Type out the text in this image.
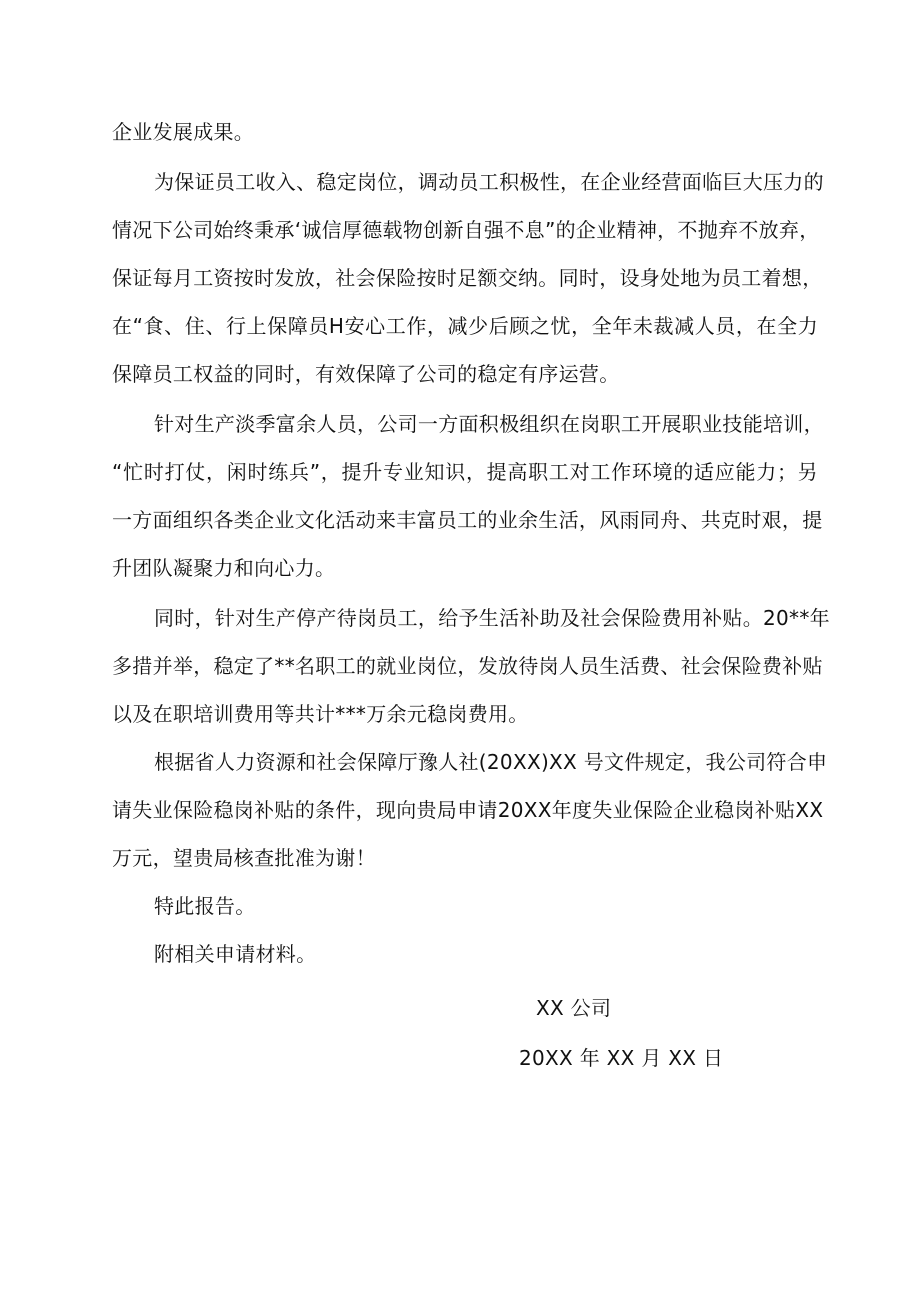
企业发展成果。
为保证员工收入、稳定岗位，调动员工积极性，在企业经营面临巨大压力的
情况下公司始终秉承‘诚信厚德载物创新自强不息”的企业精神，不抛弃不放弃，
保证每月工资按时发放，社会保险按时足额交纳。同时，设身处地为员工着想，
在“食、住、行上保障员H安心工作，减少后顾之忧，全年未裁减人员，在全力
保障员工权益的同时，有效保障了公司的稳定有序运营。
针对生产淡季富余人员，公司一方面积极组织在岗职工开展职业技能培训，
“忙时打仗，闲时练兵”，提升专业知识，提高职工对工作环境的适应能力；另
一方面组织各类企业文化活动来丰富员工的业余生活，风雨同舟、共克时艰，提
升团队凝聚力和向心力。
同时，针对生产停产待岗员工，给予生活补助及社会保险费用补贴。20**年
多措并举，稳定了**名职工的就业岗位，发放待岗人员生活费、社会保险费补贴
以及在职培训费用等共计***万余元稳岗费用。
根据省人力资源和社会保障厅豫人社(20XX)XX 号文件规定，我公司符合申
请失业保险稳岗补贴的条件，现向贵局申请20XX年度失业保险企业稳岗补贴XX
万元，望贵局核查批准为谢！
特此报告。
附相关申请材料。
XX 公司
20XX 年 XX 月 XX 日
